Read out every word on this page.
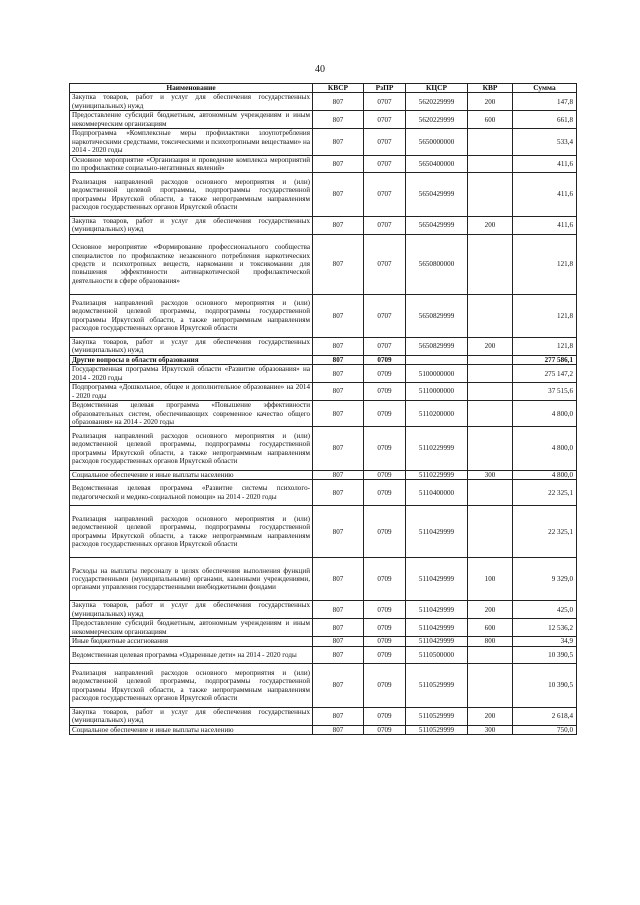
40
Наименование	КВСР	РзПР	КЦСР	КВР	Сумма
Закупка товаров, работ и услуг для обеспечения государственных (муниципальных) нужд	807	0707	5620229999	200	147,8
Предоставление субсидий бюджетным, автономным учреждениям и иным некоммерческим организациям	807	0707	5620229999	600	661,8
Подпрограмма «Комплексные меры профилактики злоупотребления наркотическими средствами, токсическими и психотропными веществами» на 2014 - 2020 годы	807	0707	5650000000		533,4
Основное мероприятие «Организация и проведение комплекса мероприятий по профилактике социально-негативных явлений»	807	0707	5650400000		411,6
Реализация направлений расходов основного мероприятия и (или) ведомственной целевой программы, подпрограммы государственной программы Иркутской области, а также непрограммным направлениям расходов государственных органов Иркутской области	807	0707	5650429999		411,6
Закупка товаров, работ и услуг для обеспечения государственных (муниципальных) нужд	807	0707	5650429999	200	411,6
Основное мероприятие «Формирование профессионального сообщества специалистов по профилактике незаконного потребления наркотических средств и психотропных веществ, наркомании и токсикомании для повышения эффективности антинаркотической профилактической деятельности в сфере образования»	807	0707	5650800000		121,8
Реализация направлений расходов основного мероприятия и (или) ведомственной целевой программы, подпрограммы государственной программы Иркутской области, а также непрограммным направлениям расходов государственных органов Иркутской области	807	0707	5650829999		121,8
Закупка товаров, работ и услуг для обеспечения государственных (муниципальных) нужд	807	0707	5650829999	200	121,8
Другие вопросы в области образования	807	0709			277 586,1
Государственная программа Иркутской области «Развитие образования» на 2014 - 2020 годы	807	0709	5100000000		275 147,2
Подпрограмма «Дошкольное, общее и дополнительное образование» на 2014 - 2020 годы	807	0709	5110000000		37 515,6
Ведомственная целевая программа «Повышение эффективности образовательных систем, обеспечивающих современное качество общего образования» на 2014 - 2020 годы	807	0709	5110200000		4 800,0
Реализация направлений расходов основного мероприятия и (или) ведомственной целевой программы, подпрограммы государственной программы Иркутской области, а также непрограммным направлениям расходов государственных органов Иркутской области	807	0709	5110229999		4 800,0
Социальное обеспечение и иные выплаты населению	807	0709	5110229999	300	4 800,0
Ведомственная целевая программа «Развитие системы психолого-педагогической и медико-социальной помощи» на 2014 - 2020 годы	807	0709	5110400000		22 325,1
Реализация направлений расходов основного мероприятия и (или) ведомственной целевой программы, подпрограммы государственной программы Иркутской области, а также непрограммным направлениям расходов государственных органов Иркутской области	807	0709	5110429999		22 325,1
Расходы на выплаты персоналу в целях обеспечения выполнения функций государственными (муниципальными) органами, казенными учреждениями, органами управления государственными внебюджетными фондами	807	0709	5110429999	100	9 329,0
Закупка товаров, работ и услуг для обеспечения государственных (муниципальных) нужд	807	0709	5110429999	200	425,0
Предоставление субсидий бюджетным, автономным учреждениям и иным некоммерческим организациям	807	0709	5110429999	600	12 536,2
Иные бюджетные ассигнования	807	0709	5110429999	800	34,9
Ведомственная целевая программа «Одаренные дети» на 2014 - 2020 годы	807	0709	5110500000		10 390,5
Реализация направлений расходов основного мероприятия и (или) ведомственной целевой программы, подпрограммы государственной программы Иркутской области, а также непрограммным направлениям расходов государственных органов Иркутской области	807	0709	5110529999		10 390,5
Закупка товаров, работ и услуг для обеспечения государственных (муниципальных) нужд	807	0709	5110529999	200	2 618,4
Социальное обеспечение и иные выплаты населению	807	0709	5110529999	300	750,0
